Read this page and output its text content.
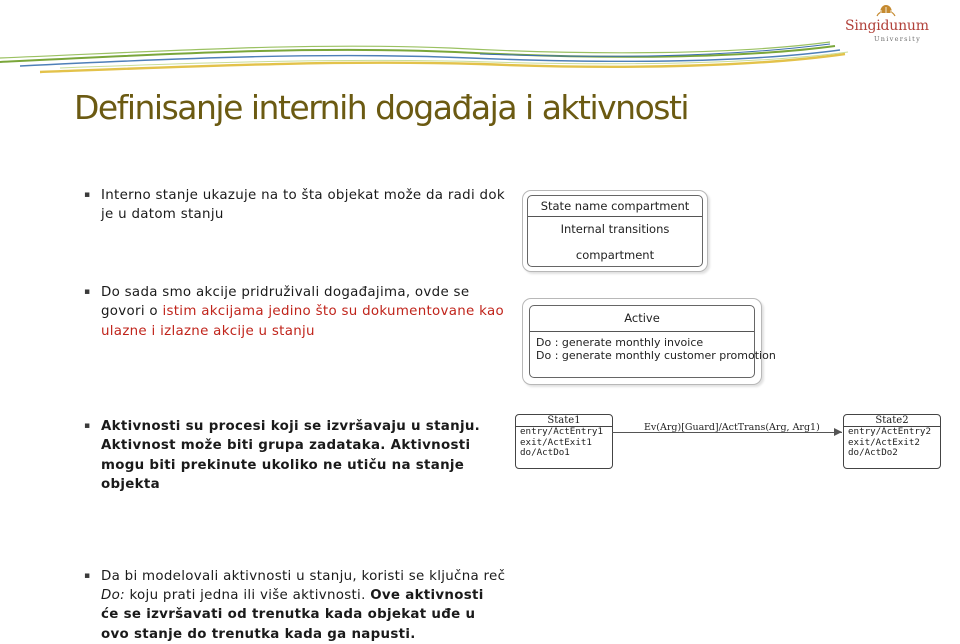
Singidunum
University
Definisanje internih događaja i aktivnosti
▪ Interno stanje ukazuje na to šta objekat može da radi dok je u datom stanju
▪ Do sada smo akcije pridruživali događajima, ovde se govori o istim akcijama jedino što su dokumentovane kao ulazne i izlazne akcije u stanju
▪ Aktivnosti su procesi koji se izvršavaju u stanju. Aktivnost može biti grupa zadataka. Aktivnosti mogu biti prekinute ukoliko ne utiču na stanje objekta
▪ Da bi modelovali aktivnosti u stanju, koristi se ključna reč Do: koju prati jedna ili više aktivnosti. Ove aktivnosti će se izvršavati od trenutka kada objekat uđe u ovo stanje do trenutka kada ga napusti.
State name compartment
Internal transitions compartment
Active
Do : generate monthly invoice
Do : generate monthly customer promotion
State1
entry/ActEntry1
exit/ActExit1
do/ActDo1
Ev(Arg)[Guard]/ActTrans(Arg, Arg1)
State2
entry/ActEntry2
exit/ActExit2
do/ActDo2
